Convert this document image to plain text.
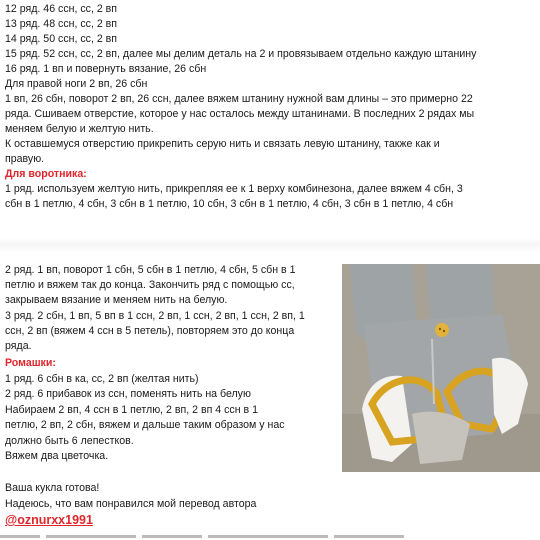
12 ряд. 46 ссн, сс, 2 вп
13 ряд. 48 ссн, сс, 2 вп
14 ряд. 50 ссн, сс, 2 вп
15 ряд. 52 ссн, сс, 2 вп, далее мы делим деталь на 2 и провязываем отдельно каждую штанину
16 ряд. 1 вп и повернуть вязание, 26 сбн
Для правой ноги 2 вп, 26 сбн
1 вп, 26 сбн, поворот 2 вп, 26 ссн, далее вяжем штанину нужной вам длины – это примерно 22
ряда. Сшиваем отверстие, которое у нас осталось между штанинами. В последних 2 рядах мы
меняем белую и желтую нить.
К оставшемуся отверстию прикрепить серую нить и связать левую штанину, также как и
правую.
Для воротника:
1 ряд. используем желтую нить, прикрепляя ее к 1 верху комбинезона, далее вяжем 4 сбн, 3
сбн в 1 петлю, 4 сбн, 3 сбн в 1 петлю, 10 сбн, 3 сбн в 1 петлю, 4 сбн, 3 сбн в 1 петлю, 4 сбн
2 ряд. 1 вп, поворот 1 сбн, 5 сбн в 1 петлю, 4 сбн, 5 сбн в 1
петлю и вяжем так до конца. Закончить ряд с помощью сс,
закрываем вязание и меняем нить на белую.
3 ряд. 2 сбн, 1 вп, 5 вп в 1 ссн, 2 вп, 1 ссн, 2 вп, 1 ссн, 2 вп, 1
ссн, 2 вп (вяжем 4 ссн в 5 петель), повторяем это до конца
ряда.
Ромашки:
1 ряд. 6 сбн в ка, сс, 2 вп (желтая нить)
2 ряд. 6 прибавок из ссн, поменять нить на белую
Набираем 2 вп, 4 ссн в 1 петлю, 2 вп, 2 вп 4 ссн в 1
петлю, 2 вп, 2 сбн, вяжем и дальше таким образом у нас
должно быть 6 лепестков.
Вяжем два цветочка.
Ваша кукла готова!
Надеюсь, что вам понравился мой перевод автора
@oznurxx1991
